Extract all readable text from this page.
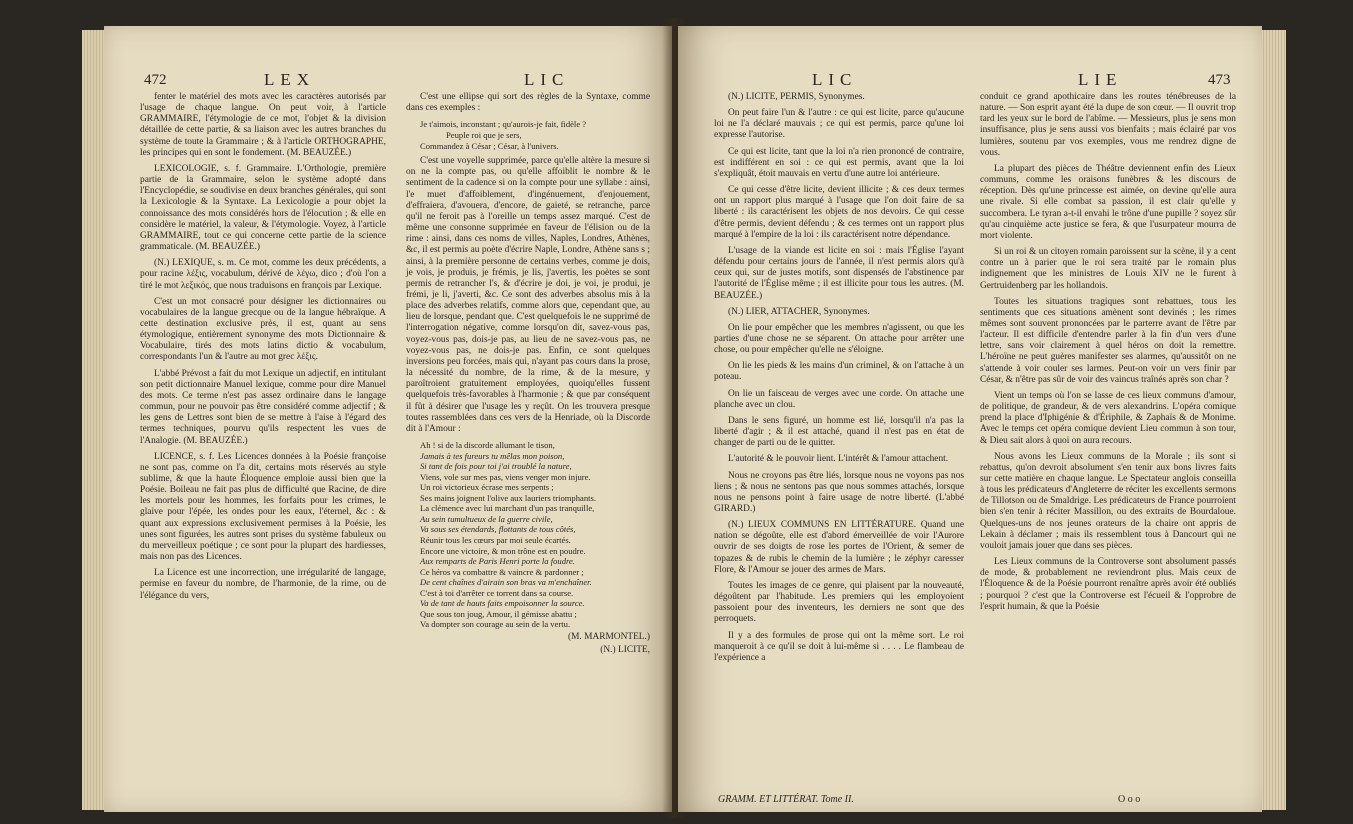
472	LEX	LIC

fenter le matériel des mots avec les caractères autorisés par l'usage de chaque langue. On peut voir, à l'article GRAMMAIRE, l'étymologie de ce mot, l'objet & la division détaillée de cette partie, & sa liaison avec les autres branches du système de toute la Grammaire ; & à l'article ORTHOGRAPHE, les principes qui en sont le fondement. (M. BEAUZÉE.)

LEXICOLOGIE, s. f. Grammaire. L'Orthologie, première partie de la Grammaire, selon le système adopté dans l'Encyclopédie, se soudivise en deux branches générales, qui sont la Lexicologie & la Syntaxe. La Lexicologie a pour objet la connoissance des mots considérés hors de l'élocution ; & elle en considère le matériel, la valeur, & l'étymologie. Voyez, à l'article GRAMMAIRE, tout ce qui concerne cette partie de la science grammaticale. (M. BEAUZÉE.)

(N.) LEXIQUE, s. m. Ce mot, comme les deux précédents, a pour racine λέξις, vocabulum, dérivé de λέγω, dico ; d'où l'on a tiré le mot λεξικός, que nous traduisons en françois par Lexique.

C'est un mot consacré pour désigner les dictionnaires ou vocabulaires de la langue grecque ou de la langue hébraïque. A cette destination exclusive près, il est, quant au sens étymologique, entièrement synonyme des mots Dictionnaire & Vocabulaire, tirés des mots latins dictio & vocabulum, correspondants l'un & l'autre au mot grec λέξις.

L'abbé Prévost a fait du mot Lexique un adjectif, en intitulant son petit dictionnaire Manuel lexique, comme pour dire Manuel des mots. Ce terme n'est pas assez ordinaire dans le langage commun, pour ne pouvoir pas être considéré comme adjectif ; & les gens de Lettres sont bien de se mettre à l'aise à l'égard des termes techniques, pourvu qu'ils respectent les vues de l'Analogie. (M. BEAUZÉE.)

LICENCE, s. f. Les Licences données à la Poésie françoise ne sont pas, comme on l'a dit, certains mots réservés au style sublime, & que la haute Éloquence emploie aussi bien que la Poésie. Boileau ne fait pas plus de difficulté que Racine, de dire les mortels pour les hommes, les forfaits pour les crimes, le glaive pour l'épée, les ondes pour les eaux, l'éternel, &c : & quant aux expressions exclusivement permises à la Poésie, les unes sont figurées, les autres sont prises du système fabuleux ou du merveilleux poétique ; ce sont pour la plupart des hardiesses, mais non pas des Licences.

La Licence est une incorrection, une irrégularité de langage, permise en faveur du nombre, de l'harmonie, de la rime, ou de l'élégance du vers,

C'est une ellipse qui sort des règles de la Syntaxe, comme dans ces exemples :

Je t'aimois, inconstant ; qu'aurois-je fait, fidèle ?

Peuple roi que je sers,

Commandez à César ; César, à l'univers.

C'est une voyelle supprimée, parce qu'elle altère la mesure si on ne la compte pas, ou qu'elle affoiblit le nombre & le sentiment de la cadence si on la compte pour une syllabe : ainsi, l'e muet d'affoiblement, d'ingénuement, d'enjouement, d'effraiera, d'avouera, d'encore, de gaieté, se retranche, parce qu'il ne feroit pas à l'oreille un temps assez marqué. C'est de même une consonne supprimée en faveur de l'élision ou de la rime : ainsi, dans ces noms de villes, Naples, Londres, Athènes, &c, il est permis au poète d'écrire Naple, Londre, Athène sans s ; ainsi, à la première personne de certains verbes, comme je dois, je vois, je produis, je frémis, je lis, j'avertis, les poètes se sont permis de retrancher l's, & d'écrire je doi, je voi, je produi, je frémi, je li, j'averti, &c. Ce sont des adverbes absolus mis à la place des adverbes relatifs, comme alors que, cependant que, au lieu de lorsque, pendant que. C'est quelquefois le ne supprimé de l'interrogation négative, comme lorsqu'on dit, savez-vous pas, voyez-vous pas, dois-je pas, au lieu de ne savez-vous pas, ne voyez-vous pas, ne dois-je pas. Enfin, ce sont quelques inversions peu forcées, mais qui, n'ayant pas cours dans la prose, la nécessité du nombre, de la rime, & de la mesure, y paroîtroient gratuitement employées, quoiqu'elles fussent quelquefois très-favorables à l'harmonie ; & que par conséquent il fût à désirer que l'usage les y reçût. On les trouvera presque toutes rassemblées dans ces vers de la Henriade, où la Discorde dit à l'Amour :

Ah ! si de la discorde allumant le tison,

Jamais à tes fureurs tu mêlas mon poison,

Si tant de fois pour toi j'ai troublé la nature,

Viens, vole sur mes pas, viens venger mon injure.

Un roi victorieux écrase mes serpents ;

Ses mains joignent l'olive aux lauriers triomphants.

La clémence avec lui marchant d'un pas tranquille,

Au sein tumultueux de la guerre civile,

Va sous ses étendards, flottants de tous côtés,

Réunir tous les cœurs par moi seule écartés.

Encore une victoire, & mon trône est en poudre.

Aux remparts de Paris Henri porte la foudre.

Ce héros va combattre & vaincre & pardonner ;

De cent chaînes d'airain son bras va m'enchaîner.

C'est à toi d'arrêter ce torrent dans sa course.

Va de tant de hauts faits empoisonner la source.

Que sous ton joug, Amour, il gémisse abattu ;

Va dompter son courage au sein de la vertu.

(M. MARMONTEL.)

(N.) LICITE,

LIC	LIE	473

(N.) LICITE, PERMIS, Synonymes.

On peut faire l'un & l'autre : ce qui est licite, parce qu'aucune loi ne l'a déclaré mauvais ; ce qui est permis, parce qu'une loi expresse l'autorise.

Ce qui est licite, tant que la loi n'a rien prononcé de contraire, est indifférent en soi : ce qui est permis, avant que la loi s'expliquât, étoit mauvais en vertu d'une autre loi antérieure.

Ce qui cesse d'être licite, devient illicite ; & ces deux termes ont un rapport plus marqué à l'usage que l'on doit faire de sa liberté : ils caractérisent les objets de nos devoirs. Ce qui cesse d'être permis, devient défendu ; & ces termes ont un rapport plus marqué à l'empire de la loi : ils caractérisent notre dépendance.

L'usage de la viande est licite en soi : mais l'Église l'ayant défendu pour certains jours de l'année, il n'est permis alors qu'à ceux qui, sur de justes motifs, sont dispensés de l'abstinence par l'autorité de l'Église même ; il est illicite pour tous les autres. (M. BEAUZÉE.)

(N.) LIER, ATTACHER, Synonymes.

On lie pour empêcher que les membres n'agissent, ou que les parties d'une chose ne se séparent. On attache pour arrêter une chose, ou pour empêcher qu'elle ne s'éloigne.

On lie les pieds & les mains d'un criminel, & on l'attache à un poteau.

On lie un faisceau de verges avec une corde. On attache une planche avec un clou.

Dans le sens figuré, un homme est lié, lorsqu'il n'a pas la liberté d'agir ; & il est attaché, quand il n'est pas en état de changer de parti ou de le quitter.

L'autorité & le pouvoir lient. L'intérêt & l'amour attachent.

Nous ne croyons pas être liés, lorsque nous ne voyons pas nos liens ; & nous ne sentons pas que nous sommes attachés, lorsque nous ne pensons point à faire usage de notre liberté. (L'abbé GIRARD.)

(N.) LIEUX COMMUNS EN LITTÉRATURE. Quand une nation se dégoûte, elle est d'abord émerveillée de voir l'Aurore ouvrir de ses doigts de rose les portes de l'Orient, & semer de topazes & de rubis le chemin de la lumière ; le zéphyr caresser Flore, & l'Amour se jouer des armes de Mars.

Toutes les images de ce genre, qui plaisent par la nouveauté, dégoûtent par l'habitude. Les premiers qui les employoient passoient pour des inventeurs, les derniers ne sont que des perroquets.

Il y a des formules de prose qui ont la même sort. Le roi manqueroit à ce qu'il se doit à lui-même si . . . . Le flambeau de l'expérience a

conduit ce grand apothicaire dans les routes ténébreuses de la nature. — Son esprit ayant été la dupe de son cœur. — Il ouvrit trop tard les yeux sur le bord de l'abîme. — Messieurs, plus je sens mon insuffisance, plus je sens aussi vos bienfaits ; mais éclairé par vos lumières, soutenu par vos exemples, vous me rendrez digne de vous.

La plupart des pièces de Théâtre deviennent enfin des Lieux communs, comme les oraisons funèbres & les discours de réception. Dès qu'une princesse est aimée, on devine qu'elle aura une rivale. Si elle combat sa passion, il est clair qu'elle y succombera. Le tyran a-t-il envahi le trône d'une pupille ? soyez sûr qu'au cinquième acte justice se fera, & que l'usurpateur mourra de mort violente.

Si un roi & un citoyen romain paroissent sur la scène, il y a cent contre un à parier que le roi sera traité par le romain plus indignement que les ministres de Louis XIV ne le furent à Gertruidenberg par les hollandois.

Toutes les situations tragiques sont rebattues, tous les sentiments que ces situations amènent sont devinés ; les rimes mêmes sont souvent prononcées par le parterre avant de l'être par l'acteur. Il est difficile d'entendre parler à la fin d'un vers d'une lettre, sans voir clairement à quel héros on doit la remettre. L'héroïne ne peut guères manifester ses alarmes, qu'aussitôt on ne s'attende à voir couler ses larmes. Peut-on voir un vers finir par César, & n'être pas sûr de voir des vaincus traînés après son char ?

Vient un temps où l'on se lasse de ces lieux communs d'amour, de politique, de grandeur, & de vers alexandrins. L'opéra comique prend la place d'Iphigénie & d'Ériphile, & Zaphaïs & de Monime. Avec le temps cet opéra comique devient Lieu commun à son tour, & Dieu sait alors à quoi on aura recours.

Nous avons les Lieux communs de la Morale ; ils sont si rebattus, qu'on devroit absolument s'en tenir aux bons livres faits sur cette matière en chaque langue. Le Spectateur anglois conseilla à tous les prédicateurs d'Angleterre de réciter les excellents sermons de Tillotson ou de Smaldrige. Les prédicateurs de France pourroient bien s'en tenir à réciter Massillon, ou des extraits de Bourdaloue. Quelques-uns de nos jeunes orateurs de la chaire ont appris de Lekain à déclamer ; mais ils ressemblent tous à Dancourt qui ne vouloit jamais jouer que dans ses pièces.

Les Lieux communs de la Controverse sont absolument passés de mode, & probablement ne reviendront plus. Mais ceux de l'Éloquence & de la Poésie pourront renaître après avoir été oubliés ; pourquoi ? c'est que la Controverse est l'écueil & l'opprobre de l'esprit humain, & que la Poésie

GRAMM. ET LITTÉRAT. Tome II.	O o o
